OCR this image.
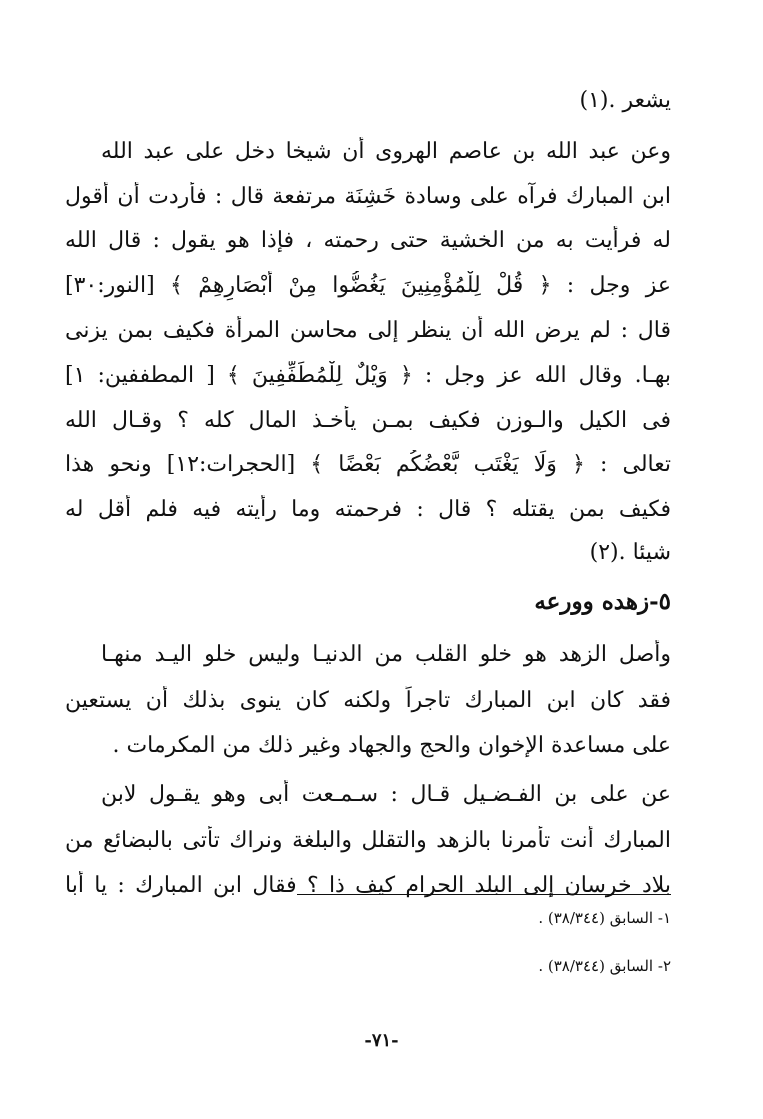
يشعر .(١)
وعن عبد الله بن عاصم الهروى أن شيخا دخل على عبد الله
ابن المبارك فرآه على وسادة خَشِنَة مرتفعة قال : فأردت أن أقول
له فرأيت به من الخشية حتى رحمته ، فإذا هو يقول : قال الله
عز وجل : ﴿ قُلْ لِلْمُؤْمِنِينَ يَغُضُّوا مِنْ أَبْصَارِهِمْ ﴾ [النور:٣٠]
قال : لم يرض الله أن ينظر إلى محاسن المرأة فكيف بمن يزنى
بهـا. وقال الله عز وجل : ﴿ وَيْلٌ لِلْمُطَفِّفِينَ ﴾ [ المطففين: ١]
فى الكيل والـوزن فكيف بمـن يأخـذ المال كله ؟ وقـال الله
تعالى : ﴿ وَلَا يَغْتَب بَّعْضُكُم بَعْضًا ﴾ [الحجرات:١٢] ونحو هذا
فكيف بمن يقتله ؟ قال : فرحمته وما رأيته فيه فلم أقل له
شيئا .(٢)
٥-زهده وورعه
وأصل الزهد هو خلو القلب من الدنيـا وليس خلو اليـد منهـا
فقد كان ابن المبارك تاجراً ولكنه كان ينوى بذلك أن يستعين
على مساعدة الإخوان والحج والجهاد وغير ذلك من المكرمات .
عن على بن الفـضـيل قـال : سـمـعت أبى وهو يقـول لابن
المبارك أنت تأمرنا بالزهد والتقلل والبلغة ونراك تأتى بالبضائع من
بلاد خرسان إلى البلد الحرام كيف ذا ؟ فقال ابن المبارك : يا أبا
١- السابق (٣٨/٣٤٤) .
٢- السابق (٣٨/٣٤٤) .
-٧١-
